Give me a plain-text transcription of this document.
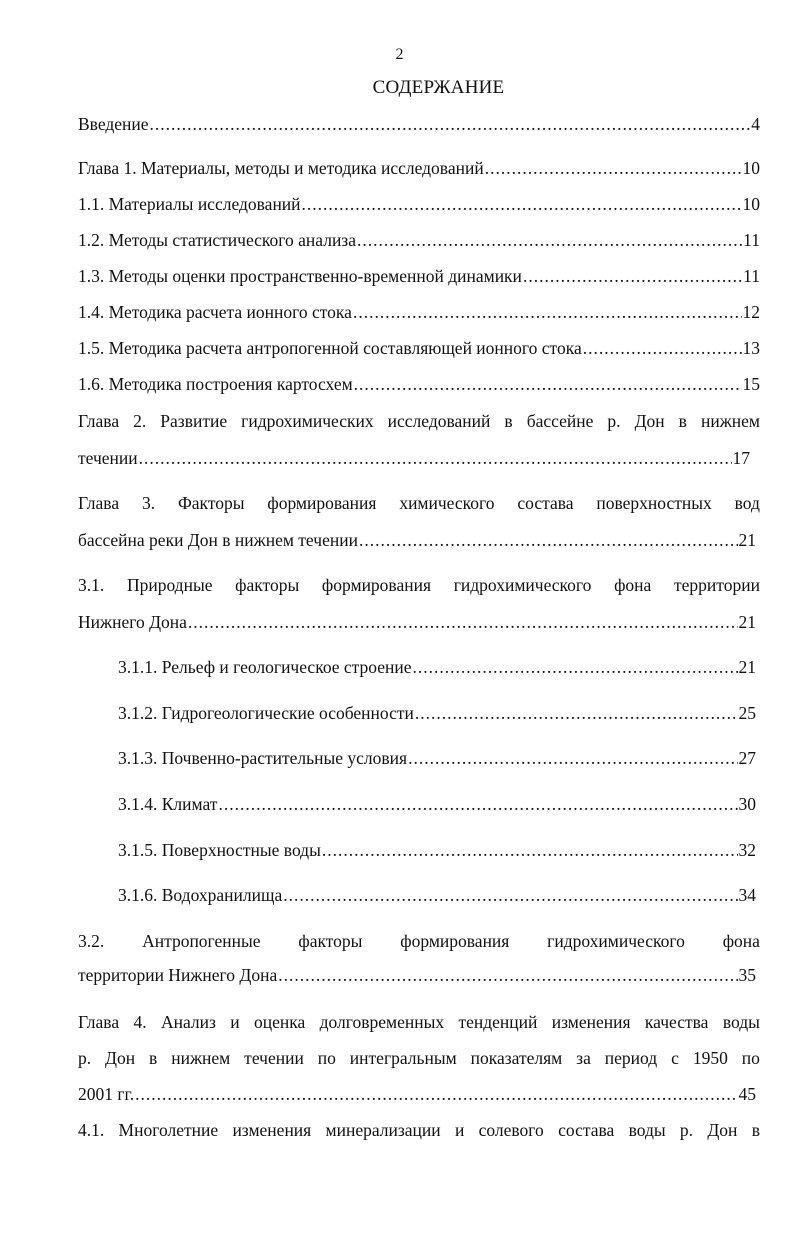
2
СОДЕРЖАНИЕ
Введение .....	4
Глава 1. Материалы, методы и методика исследований .....	10
1.1. Материалы исследований .....	10
1.2. Методы статистического анализа .....	11
1.3. Методы оценки пространственно-временной динамики .....	11
1.4. Методика расчета ионного стока .....	12
1.5. Методика расчета антропогенной составляющей ионного стока .....	13
1.6. Методика построения картосхем .....	15
Глава 2. Развитие гидрохимических исследований в бассейне р. Дон в нижнем
течении .....	17
Глава 3. Факторы формирования химического состава поверхностных вод
бассейна реки Дон в нижнем течении .....	21
3.1. Природные факторы формирования гидрохимического фона территории
Нижнего Дона .....	21
3.1.1. Рельеф и геологическое строение .....	21
3.1.2. Гидрогеологические особенности .....	25
3.1.3. Почвенно-растительные условия .....	27
3.1.4. Климат .....	30
3.1.5. Поверхностные воды .....	32
3.1.6. Водохранилища .....	34
3.2. Антропогенные факторы формирования гидрохимического фона
территории Нижнего Дона .....	35
Глава 4. Анализ и оценка долговременных тенденций изменения качества воды
р. Дон в нижнем течении по интегральным показателям за период с 1950 по
2001 гг. .....	45
4.1. Многолетние изменения минерализации и солевого состава воды р. Дон в
